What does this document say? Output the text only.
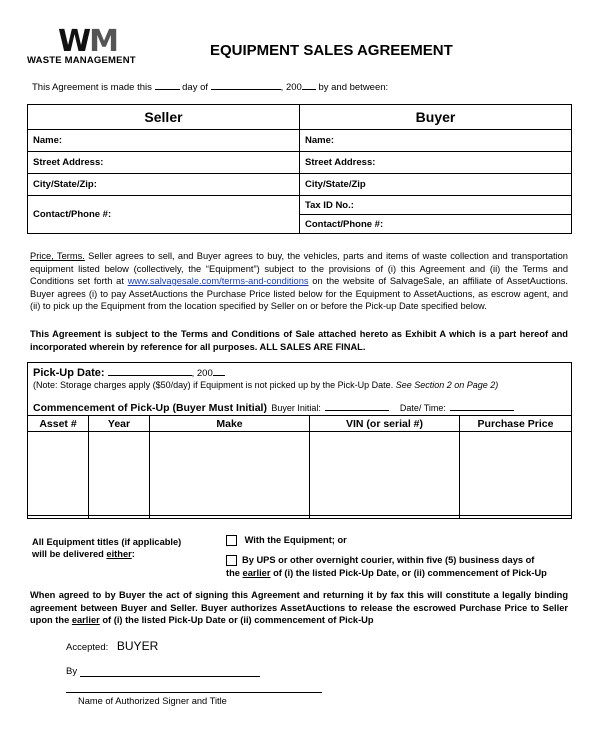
WM
WASTE MANAGEMENT
EQUIPMENT SALES AGREEMENT
This Agreement is made this	day of	, 200 by and between:
Seller	Buyer
Name:	Name:
Street Address:	Street Address:
City/State/Zip:	City/State/Zip
Contact/Phone #:	Tax ID No.:
	Contact/Phone #:
Price, Terms. Seller agrees to sell, and Buyer agrees to buy, the vehicles, parts and items of waste collection and transportation equipment listed below (collectively, the “Equipment”) subject to the provisions of (i) this Agreement and (ii) the Terms and Conditions set forth at www.salvagesale.com/terms-and-conditions on the website of SalvageSale, an affiliate of AssetAuctions. Buyer agrees (i) to pay AssetAuctions the Purchase Price listed below for the Equipment to AssetAuctions, as escrow agent, and (ii) to pick up the Equipment from the location specified by Seller on or before the Pick-up Date specified below.
This Agreement is subject to the Terms and Conditions of Sale attached hereto as Exhibit A which is a part hereof and incorporated wherein by reference for all purposes. ALL SALES ARE FINAL.
Pick-Up Date:	, 200
(Note: Storage charges apply ($50/day) if Equipment is not picked up by the Pick-Up Date. See Section 2 on Page 2)
Commencement of Pick-Up (Buyer Must Initial) Buyer Initial:	Date/ Time:
Asset #	Year	Make	VIN (or serial #)	Purchase Price

All Equipment titles (if applicable)
will be delivered either:
With the Equipment; or
By UPS or other overnight courier, within five (5) business days of
the earlier of (i) the listed Pick-Up Date, or (ii) commencement of Pick-Up
When agreed to by Buyer the act of signing this Agreement and returning it by fax this will constitute a legally binding agreement between Buyer and Seller. Buyer authorizes AssetAuctions to release the escrowed Purchase Price to Seller upon the earlier of (i) the listed Pick-Up Date or (ii) commencement of Pick-Up
Accepted: BUYER
By
Name of Authorized Signer and Title
